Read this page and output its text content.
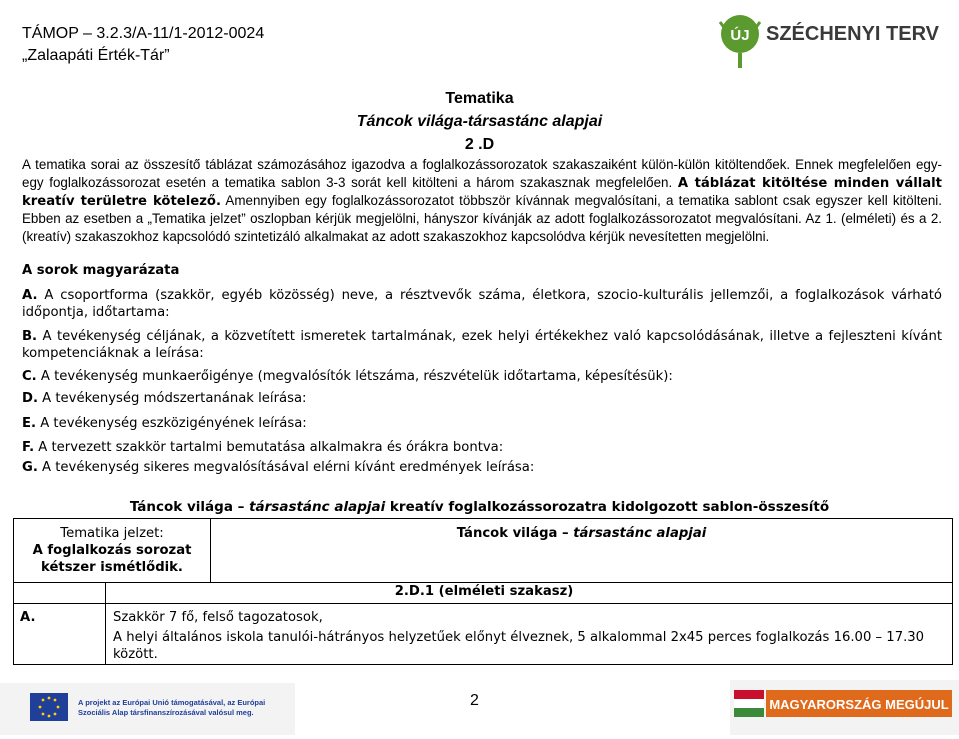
TÁMOP – 3.2.3/A-11/1-2012-0024
„Zalaapáti Érték-Tár”
ÚJ SZÉCHENYI TERV
Tematika
Táncok világa-társastánc alapjai
2 .D
A tematika sorai az összesítő táblázat számozásához igazodva a foglalkozássorozatok szakaszaiként külön-külön kitöltendőek. Ennek megfelelően egy-egy foglalkozássorozat esetén a tematika sablon 3-3 sorát kell kitölteni a három szakasznak megfelelően. A táblázat kitöltése minden vállalt kreatív területre kötelező. Amennyiben egy foglalkozássorozatot többször kívánnak megvalósítani, a tematika sablont csak egyszer kell kitölteni. Ebben az esetben a „Tematika jelzet” oszlopban kérjük megjelölni, hányszor kívánják az adott foglalkozássorozatot megvalósítani. Az 1. (elméleti) és a 2. (kreatív) szakaszokhoz kapcsolódó szintetizáló alkalmakat az adott szakaszokhoz kapcsolódva kérjük nevesítetten megjelölni.
A sorok magyarázata
A. A csoportforma (szakkör, egyéb közösség) neve, a résztvevők száma, életkora, szocio-kulturális jellemzői, a foglalkozások várható időpontja, időtartama:
B. A tevékenység céljának, a közvetített ismeretek tartalmának, ezek helyi értékekhez való kapcsolódásának, illetve a fejleszteni kívánt kompetenciáknak a leírása:
C. A tevékenység munkaerőigénye (megvalósítók létszáma, részvételük időtartama, képesítésük):
D. A tevékenység módszertanának leírása:
E. A tevékenység eszközigényének leírása:
F. A tervezett szakkör tartalmi bemutatása alkalmakra és órákra bontva:
G. A tevékenység sikeres megvalósításával elérni kívánt eredmények leírása:
Táncok világa – társastánc alapjai kreatív foglalkozássorozatra kidolgozott sablon-összesítő
Tematika jelzet:
A foglalkozás sorozat kétszer ismétlődik.
Táncok világa – társastánc alapjai
2.D.1 (elméleti szakasz)
A.	Szakkör 7 fő, felső tagozatosok,
A helyi általános iskola tanulói-hátrányos helyzetűek előnyt élveznek, 5 alkalommal 2x45 perces foglalkozás 16.00 – 17.30 között.
A projekt az Európai Unió támogatásával, az Európai
Szociális Alap társfinanszírozásával valósul meg.
2	MAGYARORSZÁG MEGÚJUL
